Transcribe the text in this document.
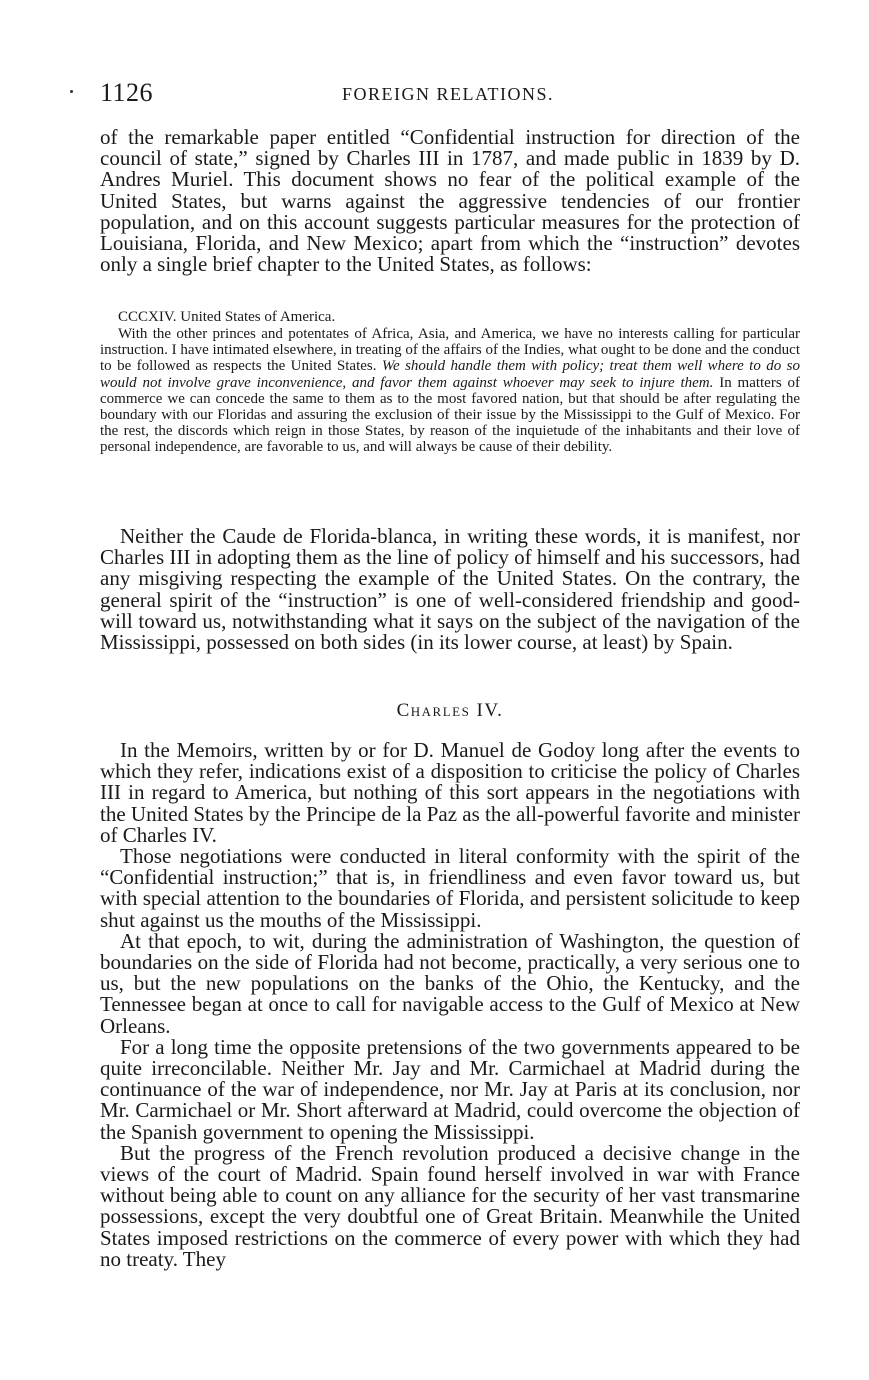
1126	FOREIGN RELATIONS.

of the remarkable paper entitled “Confidential instruction for direction of the council of state,” signed by Charles III in 1787, and made public in 1839 by D. Andres Muriel. This document shows no fear of the political example of the United States, but warns against the aggressive tendencies of our frontier population, and on this account suggests particular measures for the protection of Louisiana, Florida, and New Mexico; apart from which the “instruction” devotes only a single brief chapter to the United States, as follows:

CCCXIV. United States of America.

With the other princes and potentates of Africa, Asia, and America, we have no interests calling for particular instruction. I have intimated elsewhere, in treating of the affairs of the Indies, what ought to be done and the conduct to be followed as respects the United States. We should handle them with policy; treat them well where to do so would not involve grave inconvenience, and favor them against whoever may seek to injure them. In matters of commerce we can concede the same to them as to the most favored nation, but that should be after regulating the boundary with our Floridas and assuring the exclusion of their issue by the Mississippi to the Gulf of Mexico. For the rest, the discords which reign in those States, by reason of the inquietude of the inhabitants and their love of personal independence, are favorable to us, and will always be cause of their debility.

Neither the Caude de Florida-blanca, in writing these words, it is manifest, nor Charles III in adopting them as the line of policy of himself and his successors, had any misgiving respecting the example of the United States. On the contrary, the general spirit of the “instruction” is one of well-considered friendship and good-will toward us, notwithstanding what it says on the subject of the navigation of the Mississippi, possessed on both sides (in its lower course, at least) by Spain.

Charles IV.

In the Memoirs, written by or for D. Manuel de Godoy long after the events to which they refer, indications exist of a disposition to criticise the policy of Charles III in regard to America, but nothing of this sort appears in the negotiations with the United States by the Principe de la Paz as the all-powerful favorite and minister of Charles IV.

Those negotiations were conducted in literal conformity with the spirit of the “Confidential instruction;” that is, in friendliness and even favor toward us, but with special attention to the boundaries of Florida, and persistent solicitude to keep shut against us the mouths of the Mississippi.

At that epoch, to wit, during the administration of Washington, the question of boundaries on the side of Florida had not become, practically, a very serious one to us, but the new populations on the banks of the Ohio, the Kentucky, and the Tennessee began at once to call for navigable access to the Gulf of Mexico at New Orleans.

For a long time the opposite pretensions of the two governments appeared to be quite irreconcilable. Neither Mr. Jay and Mr. Carmichael at Madrid during the continuance of the war of independence, nor Mr. Jay at Paris at its conclusion, nor Mr. Carmichael or Mr. Short afterward at Madrid, could overcome the objection of the Spanish government to opening the Mississippi.

But the progress of the French revolution produced a decisive change in the views of the court of Madrid. Spain found herself involved in war with France without being able to count on any alliance for the security of her vast transmarine possessions, except the very doubtful one of Great Britain. Meanwhile the United States imposed restrictions on the commerce of every power with which they had no treaty. They
